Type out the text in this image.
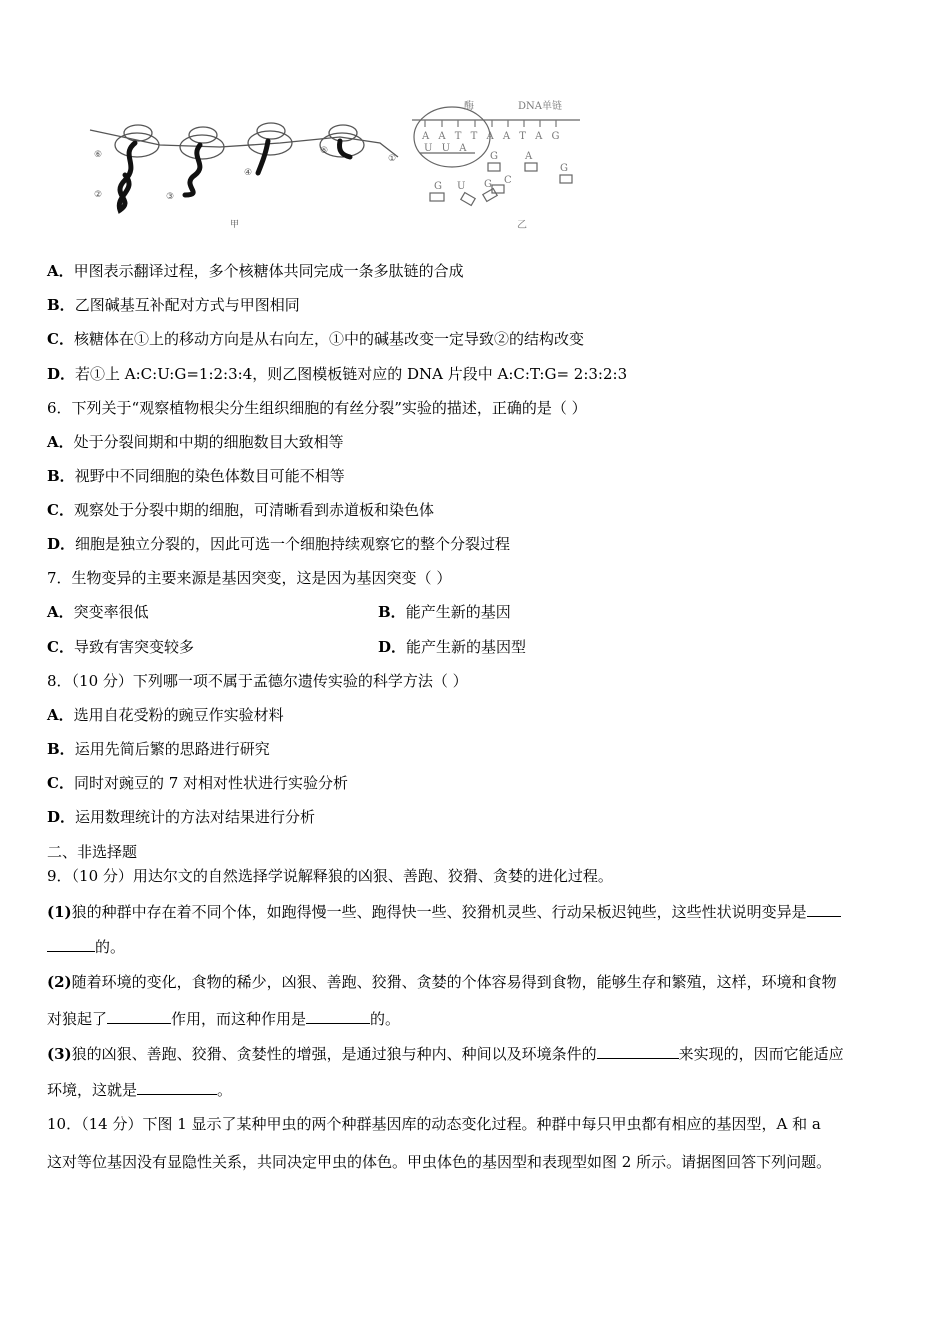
⑥
②	③
④
⑤
①
甲
酶	DNA单链
A A T T A A T A G
U U A
G	A
G
G U G C
乙
A．甲图表示翻译过程，多个核糖体共同完成一条多肽链的合成
B．乙图碱基互补配对方式与甲图相同
C．核糖体在①上的移动方向是从右向左，①中的碱基改变一定导致②的结构改变
D．若①上 A:C:U:G=1:2:3:4，则乙图模板链对应的 DNA 片段中 A:C:T:G= 2:3:2:3
6．下列关于“观察植物根尖分生组织细胞的有丝分裂”实验的描述，正确的是（ ）
A．处于分裂间期和中期的细胞数目大致相等
B．视野中不同细胞的染色体数目可能不相等
C．观察处于分裂中期的细胞，可清晰看到赤道板和染色体
D．细胞是独立分裂的，因此可选一个细胞持续观察它的整个分裂过程
7．生物变异的主要来源是基因突变，这是因为基因突变（ ）
A．突变率很低	B．能产生新的基因
C．导致有害突变较多	D．能产生新的基因型
8．（10 分）下列哪一项不属于孟德尔遗传实验的科学方法（ ）
A．选用自花受粉的豌豆作实验材料
B．运用先简后繁的思路进行研究
C．同时对豌豆的 7 对相对性状进行实验分析
D．运用数理统计的方法对结果进行分析
二、非选择题
9．（10 分）用达尔文的自然选择学说解释狼的凶狠、善跑、狡猾、贪婪的进化过程。
(1)狼的种群中存在着不同个体，如跑得慢一些、跑得快一些、狡猾机灵些、行动呆板迟钝些，这些性状说明变异是
的。
(2)随着环境的变化，食物的稀少，凶狠、善跑、狡猾、贪婪的个体容易得到食物，能够生存和繁殖，这样，环境和食物
对狼起了	作用，而这种作用是	的。
(3)狼的凶狠、善跑、狡猾、贪婪性的增强，是通过狼与种内、种间以及环境条件的	来实现的，因而它能适应
环境，这就是	。
10．（14 分）下图 1 显示了某种甲虫的两个种群基因库的动态变化过程。种群中每只甲虫都有相应的基因型，A 和 a
这对等位基因没有显隐性关系，共同决定甲虫的体色。甲虫体色的基因型和表现型如图 2 所示。请据图回答下列问题。
